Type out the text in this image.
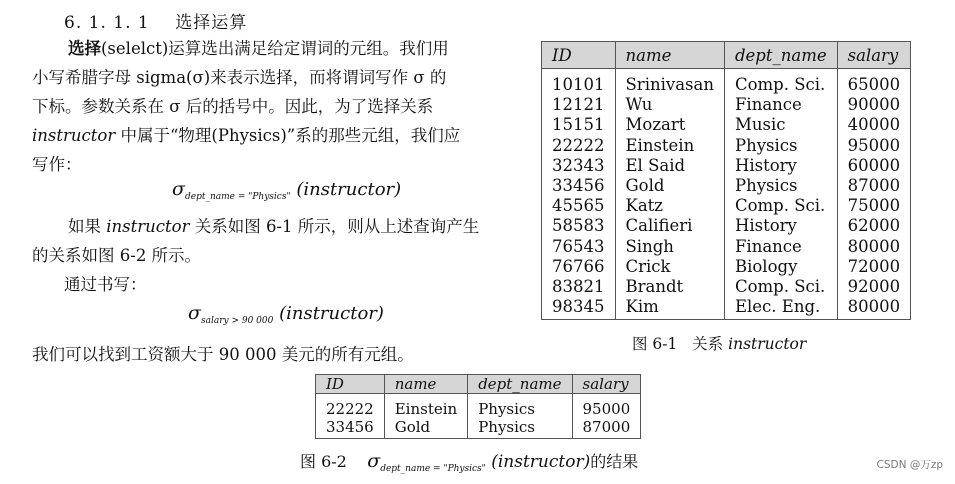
6. 1. 1. 1 选择运算
选择(selelct)运算选出满足给定谓词的元组。我们用
小写希腊字母 sigma(σ)来表示选择，而将谓词写作 σ 的
下标。参数关系在 σ 后的括号中。因此，为了选择关系
instructor 中属于“物理(Physics)”系的那些元组，我们应
写作：
$\sigma_{dept\_name = "Physics"}$ (instructor)
如果 instructor 关系如图 6-1 所示，则从上述查询产生
的关系如图 6-2 所示。
通过书写：
$\sigma_{salary > 90 000}$ (instructor)
我们可以找到工资额大于 90 000 美元的所有元组。
ID	name	dept_name	salary
10101	Srinivasan	Comp. Sci.	65000
12121	Wu	Finance	90000
15151	Mozart	Music	40000
22222	Einstein	Physics	95000
32343	El Said	History	60000
33456	Gold	Physics	87000
45565	Katz	Comp. Sci.	75000
58583	Califieri	History	62000
76543	Singh	Finance	80000
76766	Crick	Biology	72000
83821	Brandt	Comp. Sci.	92000
98345	Kim	Elec. Eng.	80000
图 6-1 关系 instructor
ID	name	dept_name	salary
22222	Einstein	Physics	95000
33456	Gold	Physics	87000
图 6-2 $\sigma_{dept\_name = "Physics"}$ (instructor)的结果	CSDN @万zp
